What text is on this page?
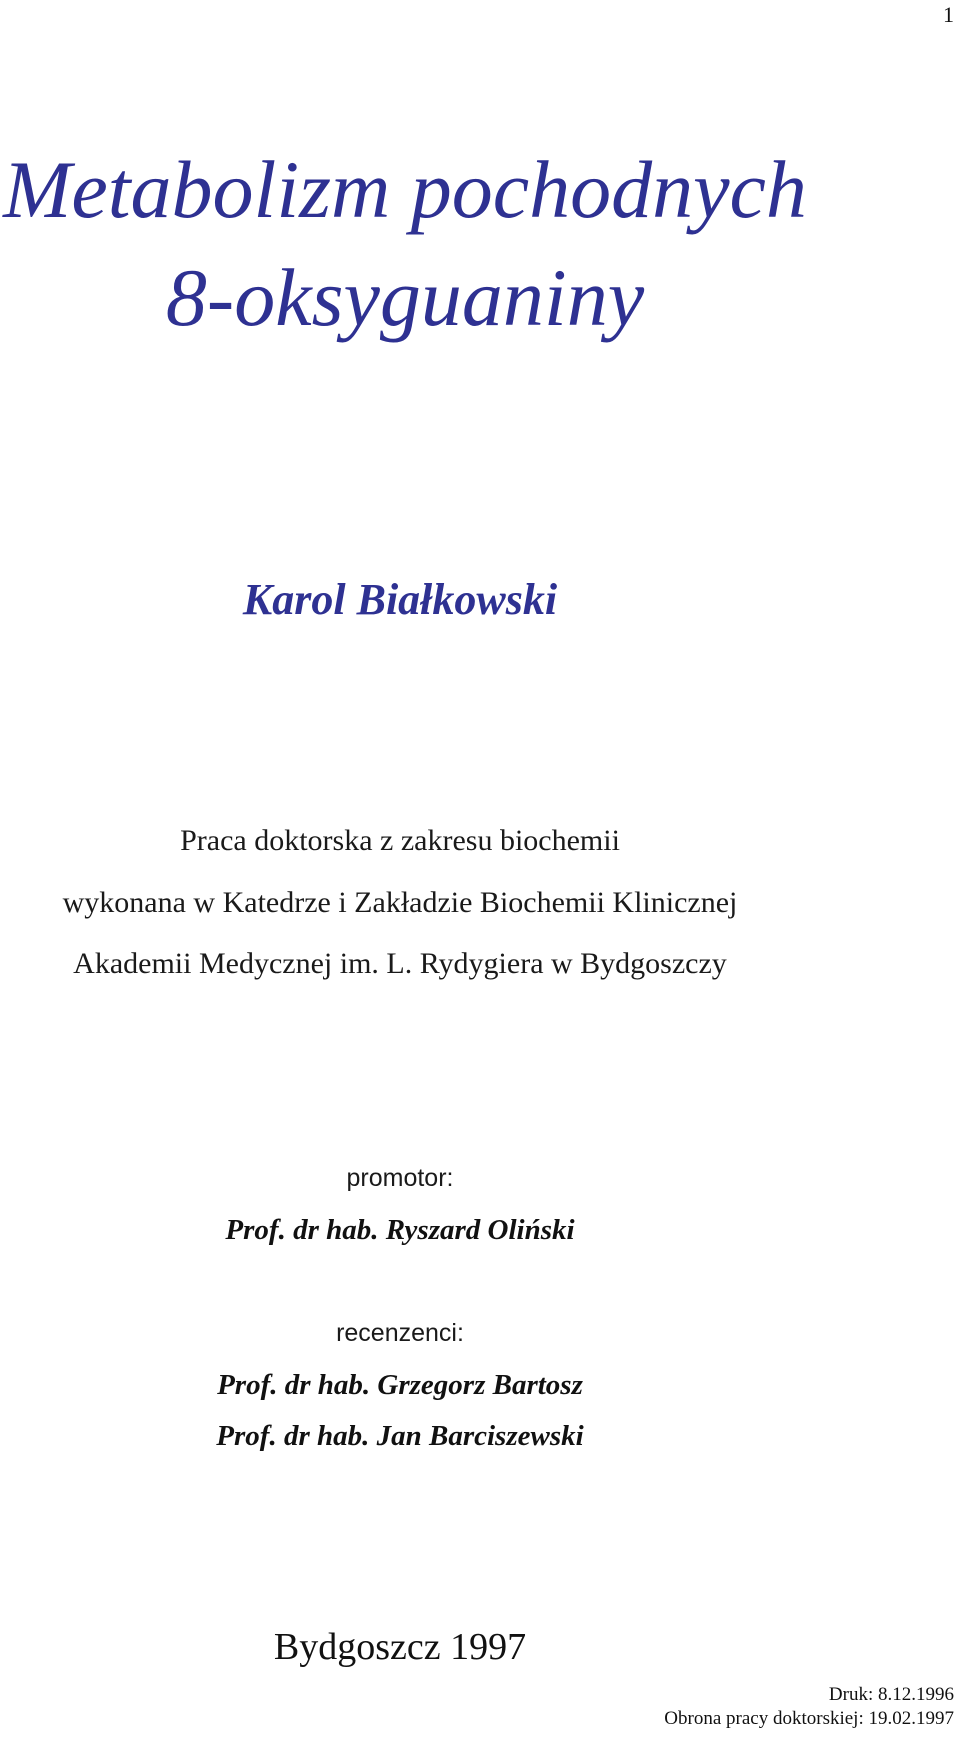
1
Metabolizm pochodnych
8-oksyguaniny
Karol Białkowski
Praca doktorska z zakresu biochemii
wykonana w Katedrze i Zakładzie Biochemii Klinicznej
Akademii Medycznej im. L. Rydygiera w Bydgoszczy
promotor:
Prof. dr hab. Ryszard Oliński
recenzenci:
Prof. dr hab. Grzegorz Bartosz
Prof. dr hab. Jan Barciszewski
Bydgoszcz 1997
Druk: 8.12.1996
Obrona pracy doktorskiej: 19.02.1997
